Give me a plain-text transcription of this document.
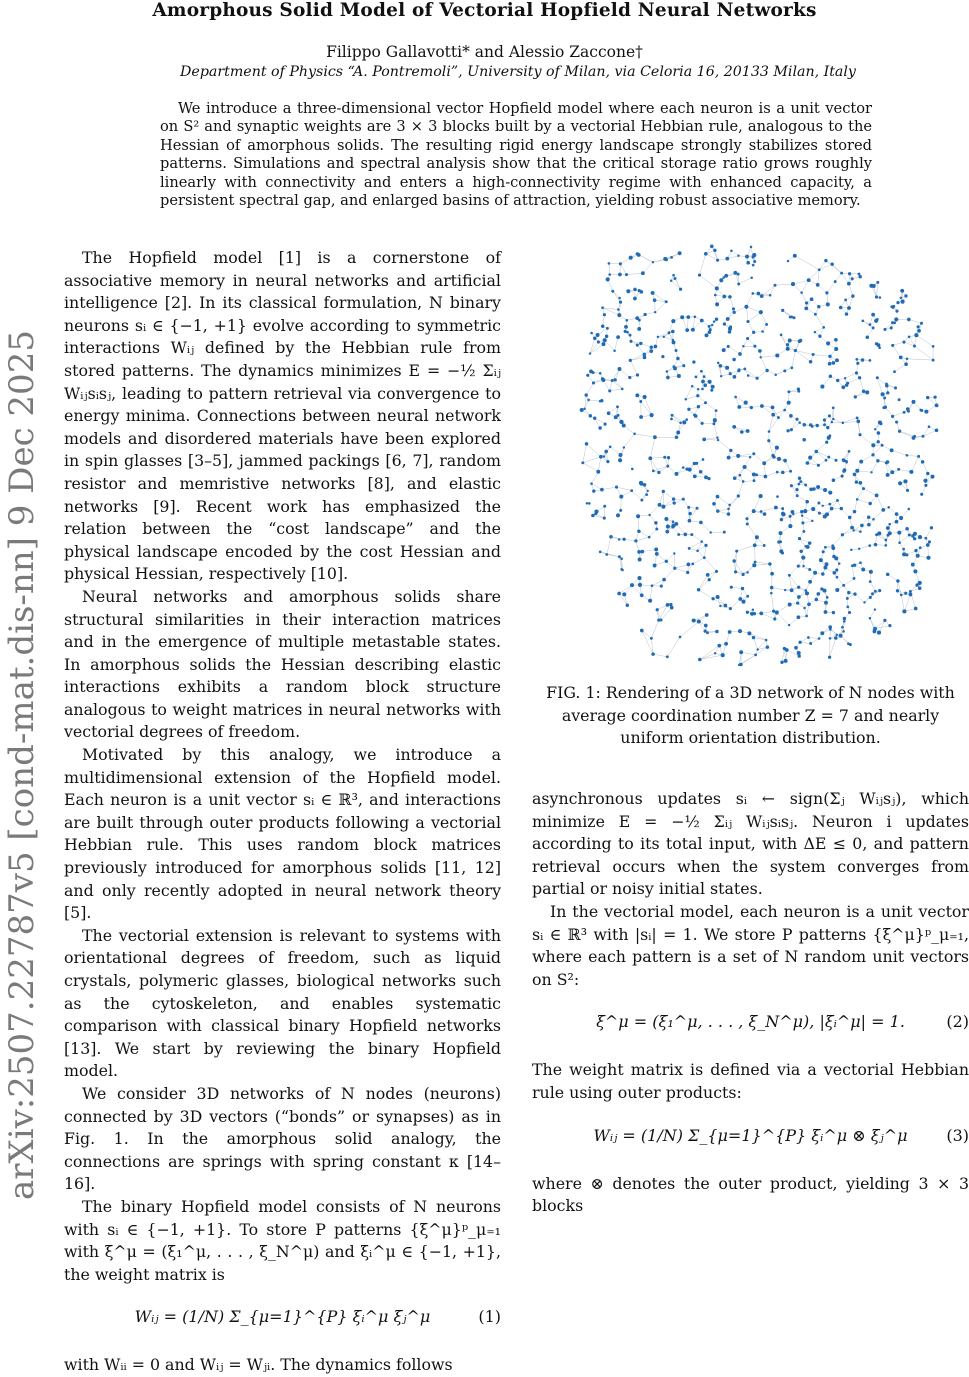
Amorphous Solid Model of Vectorial Hopfield Neural Networks
Filippo Gallavotti* and Alessio Zaccone†
Department of Physics “A. Pontremoli”, University of Milan, via Celoria 16, 20133 Milan, Italy

We introduce a three-dimensional vector Hopfield model where each neuron is a unit vector on S² and synaptic weights are 3 × 3 blocks built by a vectorial Hebbian rule, analogous to the Hessian of amorphous solids. The resulting rigid energy landscape strongly stabilizes stored patterns. Simulations and spectral analysis show that the critical storage ratio grows roughly linearly with connectivity and enters a high-connectivity regime with enhanced capacity, a persistent spectral gap, and enlarged basins of attraction, yielding robust associative memory.

arXiv:2507.22787v5 [cond-mat.dis-nn] 9 Dec 2025

The Hopfield model [1] is a cornerstone of associative memory in neural networks and artificial intelligence [2]. In its classical formulation, N binary neurons sᵢ ∈ {−1, +1} evolve according to symmetric interactions Wᵢⱼ defined by the Hebbian rule from stored patterns. The dynamics minimizes E = −½ Σᵢⱼ Wᵢⱼsᵢsⱼ, leading to pattern retrieval via convergence to energy minima. Connections between neural network models and disordered materials have been explored in spin glasses [3–5], jammed packings [6, 7], random resistor and memristive networks [8], and elastic networks [9]. Recent work has emphasized the relation between the “cost landscape” and the physical landscape encoded by the cost Hessian and physical Hessian, respectively [10].

Neural networks and amorphous solids share structural similarities in their interaction matrices and in the emergence of multiple metastable states. In amorphous solids the Hessian describing elastic interactions exhibits a random block structure analogous to weight matrices in neural networks with vectorial degrees of freedom.

Motivated by this analogy, we introduce a multidimensional extension of the Hopfield model. Each neuron is a unit vector sᵢ ∈ ℝ³, and interactions are built through outer products following a vectorial Hebbian rule. This uses random block matrices previously introduced for amorphous solids [11, 12] and only recently adopted in neural network theory [5].

The vectorial extension is relevant to systems with orientational degrees of freedom, such as liquid crystals, polymeric glasses, biological networks such as the cytoskeleton, and enables systematic comparison with classical binary Hopfield networks [13]. We start by reviewing the binary Hopfield model.

We consider 3D networks of N nodes (neurons) connected by 3D vectors (“bonds” or synapses) as in Fig. 1. In the amorphous solid analogy, the connections are springs with spring constant κ [14–16].

The binary Hopfield model consists of N neurons with sᵢ ∈ {−1, +1}. To store P patterns {ξ^μ}ᵖ_μ₌₁ with ξ^μ = (ξ₁^μ, . . . , ξ_N^μ) and ξᵢ^μ ∈ {−1, +1}, the weight matrix is

Wᵢⱼ = (1/N) Σ_{μ=1}^{P} ξᵢ^μ ξⱼ^μ	(1)

with Wᵢᵢ = 0 and Wᵢⱼ = Wⱼᵢ. The dynamics follows

FIG. 1: Rendering of a 3D network of N nodes with average coordination number Z = 7 and nearly uniform orientation distribution.

asynchronous updates sᵢ ← sign(Σⱼ Wᵢⱼsⱼ), which minimize E = −½ Σᵢⱼ Wᵢⱼsᵢsⱼ. Neuron i updates according to its total input, with ΔE ≤ 0, and pattern retrieval occurs when the system converges from partial or noisy initial states.

In the vectorial model, each neuron is a unit vector sᵢ ∈ ℝ³ with |sᵢ| = 1. We store P patterns {ξ^μ}ᵖ_μ₌₁, where each pattern is a set of N random unit vectors on S²:

ξ^μ = (ξ₁^μ, . . . , ξ_N^μ), |ξᵢ^μ| = 1.	(2)

The weight matrix is defined via a vectorial Hebbian rule using outer products:

Wᵢⱼ = (1/N) Σ_{μ=1}^{P} ξᵢ^μ ⊗ ξⱼ^μ (3)

where ⊗ denotes the outer product, yielding 3 × 3 blocks
